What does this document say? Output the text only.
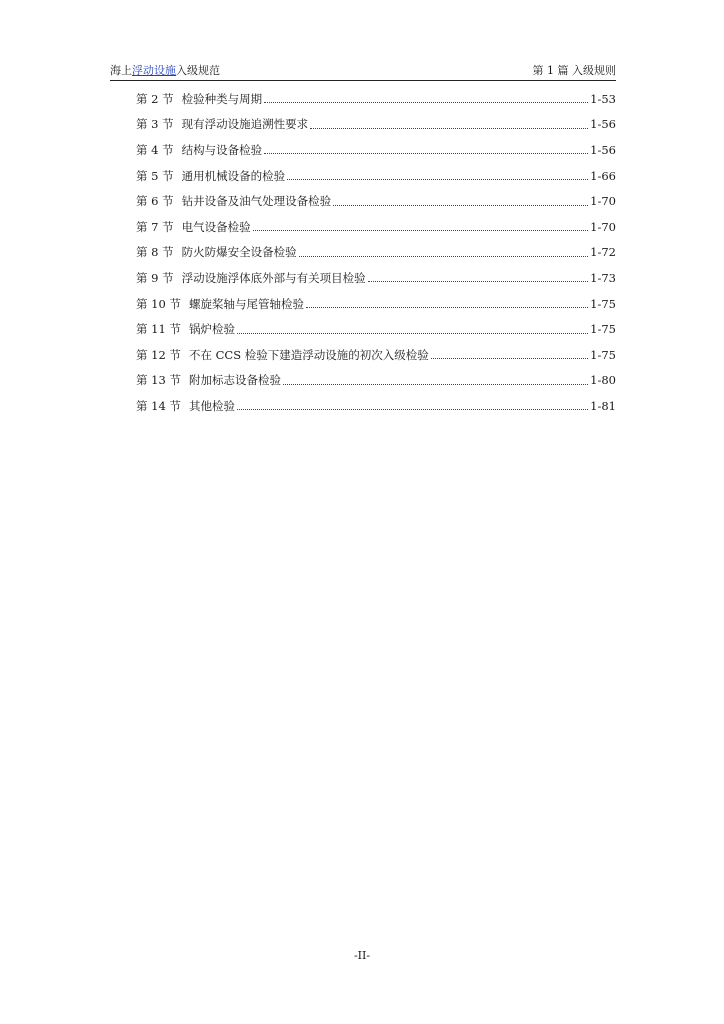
海上浮动设施入级规范	第 1 篇 入级规则
第 2 节 检验种类与周期	1-53
第 3 节 现有浮动设施追溯性要求	1-56
第 4 节 结构与设备检验	1-56
第 5 节 通用机械设备的检验	1-66
第 6 节 钻井设备及油气处理设备检验	1-70
第 7 节 电气设备检验	1-70
第 8 节 防火防爆安全设备检验	1-72
第 9 节 浮动设施浮体底外部与有关项目检验	1-73
第 10 节 螺旋桨轴与尾管轴检验	1-75
第 11 节 锅炉检验	1-75
第 12 节 不在 CCS 检验下建造浮动设施的初次入级检验	1-75
第 13 节 附加标志设备检验	1-80
第 14 节 其他检验	1-81
-II-
